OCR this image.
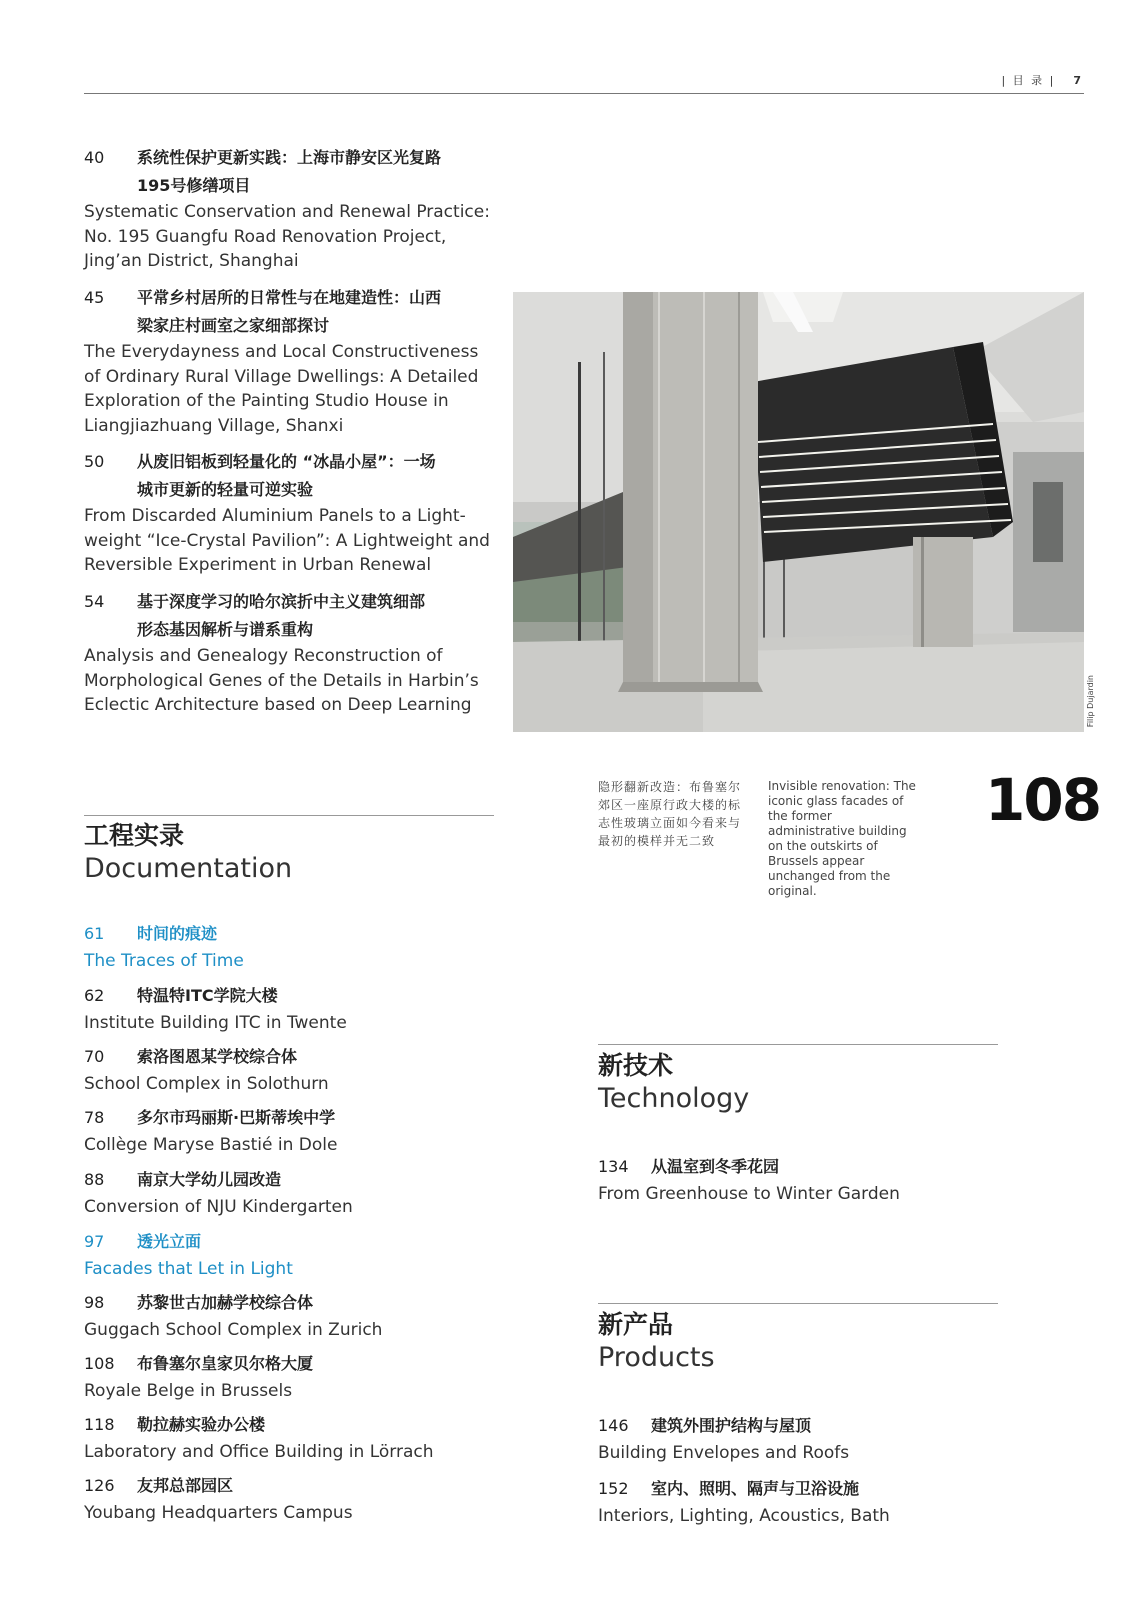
| 目 录 | 7
40	系统性保护更新实践：上海市静安区光复路
195号修缮项目
Systematic Conservation and Renewal Practice:
No. 195 Guangfu Road Renovation Project,
Jing’an District, Shanghai
45	平常乡村居所的日常性与在地建造性：山西
梁家庄村画室之家细部探讨
The Everydayness and Local Constructiveness
of Ordinary Rural Village Dwellings: A Detailed
Exploration of the Painting Studio House in
Liangjiazhuang Village, Shanxi
50	从废旧铝板到轻量化的 “冰晶小屋”：一场
城市更新的轻量可逆实验
From Discarded Aluminium Panels to a Light-
weight “Ice-Crystal Pavilion”: A Lightweight and
Reversible Experiment in Urban Renewal
54	基于深度学习的哈尔滨折中主义建筑细部
形态基因解析与谱系重构
Analysis and Genealogy Reconstruction of
Morphological Genes of the Details in Harbin’s
Eclectic Architecture based on Deep Learning	Filip Dujardin
隐形翻新改造：布鲁塞尔郊区一座原行政大楼的标志性玻璃立面如今看来与最初的模样并无二致
Invisible renovation: The iconic glass facades of the former administrative building on the outskirts of Brussels appear unchanged from the original.
108
工程实录
Documentation
61	时间的痕迹
The Traces of Time
62	特温特ITC学院大楼
Institute Building ITC in Twente
70	索洛图恩某学校综合体
School Complex in Solothurn
78	多尔市玛丽斯·巴斯蒂埃中学
Collège Maryse Bastié in Dole
88	南京大学幼儿园改造
Conversion of NJU Kindergarten
97	透光立面
Facades that Let in Light
98	苏黎世古加赫学校综合体
Guggach School Complex in Zurich
108	布鲁塞尔皇家贝尔格大厦
Royale Belge in Brussels
118	勒拉赫实验办公楼
Laboratory and Office Building in Lörrach
126	友邦总部园区
Youbang Headquarters Campus
新技术
Technology
134	从温室到冬季花园
From Greenhouse to Winter Garden
新产品
Products
146	建筑外围护结构与屋顶
Building Envelopes and Roofs
152	室内、照明、隔声与卫浴设施
Interiors, Lighting, Acoustics, Bath
